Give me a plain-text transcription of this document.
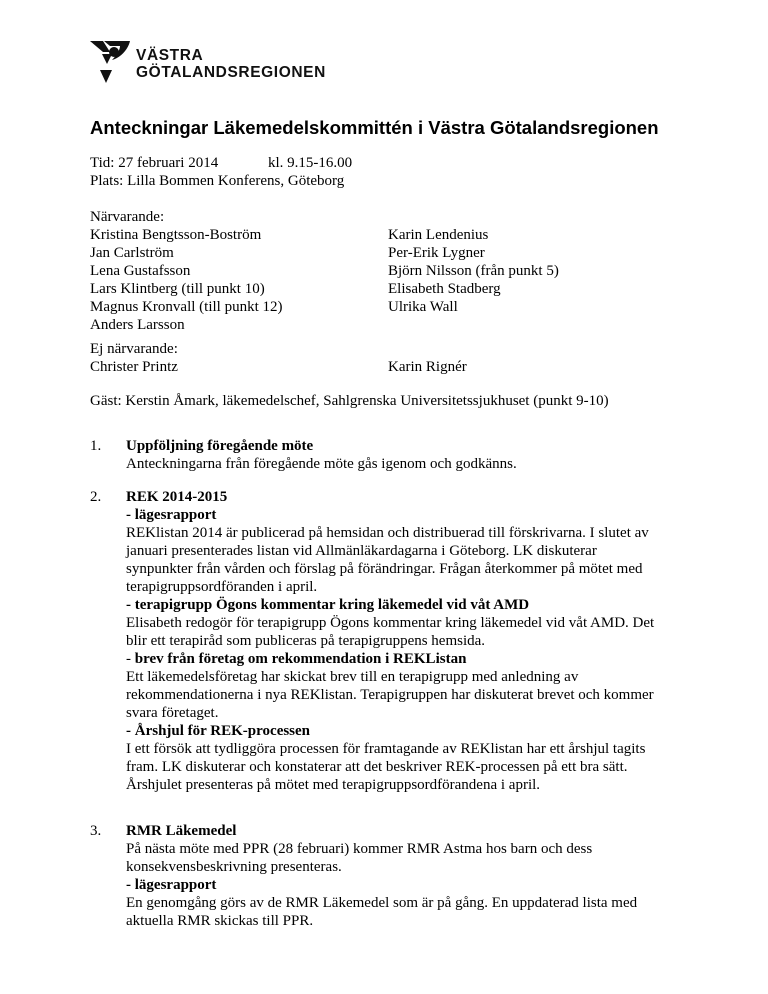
VÄSTRA
GÖTALANDSREGIONEN
Anteckningar Läkemedelskommittén i Västra Götalandsregionen
Tid: 27 februari 2014	kl. 9.15-16.00
Plats: Lilla Bommen Konferens, Göteborg
Närvarande:
Kristina Bengtsson-Boström
Jan Carlström
Lena Gustafsson
Lars Klintberg (till punkt 10)
Magnus Kronvall (till punkt 12)
Anders Larsson
Karin Lendenius
Per-Erik Lygner
Björn Nilsson (från punkt 5)
Elisabeth Stadberg
Ulrika Wall
Ej närvarande:
Christer Printz	Karin Rignér
Gäst: Kerstin Åmark, läkemedelschef, Sahlgrenska Universitetssjukhuset (punkt 9-10)
1. Uppföljning föregående möte

Anteckningarna från föregående möte gås igenom och godkänns.

2. REK 2014-2015

- lägesrapport

REKlistan 2014 är publicerad på hemsidan och distribuerad till förskrivarna. I slutet av

januari presenterades listan vid Allmänläkardagarna i Göteborg. LK diskuterar

synpunkter från vården och förslag på förändringar. Frågan återkommer på mötet med

terapigruppsordföranden i april.

- terapigrupp Ögons kommentar kring läkemedel vid våt AMD

Elisabeth redogör för terapigrupp Ögons kommentar kring läkemedel vid våt AMD. Det

blir ett terapiråd som publiceras på terapigruppens hemsida.

- brev från företag om rekommendation i REKListan

Ett läkemedelsföretag har skickat brev till en terapigrupp med anledning av

rekommendationerna i nya REKlistan. Terapigruppen har diskuterat brevet och kommer

svara företaget.

- Årshjul för REK-processen

I ett försök att tydliggöra processen för framtagande av REKlistan har ett årshjul tagits

fram. LK diskuterar och konstaterar att det beskriver REK-processen på ett bra sätt.

Årshjulet presenteras på mötet med terapigruppsordförandena i april.

3. RMR Läkemedel

På nästa möte med PPR (28 februari) kommer RMR Astma hos barn och dess

konsekvensbeskrivning presenteras.

- lägesrapport

En genomgång görs av de RMR Läkemedel som är på gång. En uppdaterad lista med

aktuella RMR skickas till PPR.
